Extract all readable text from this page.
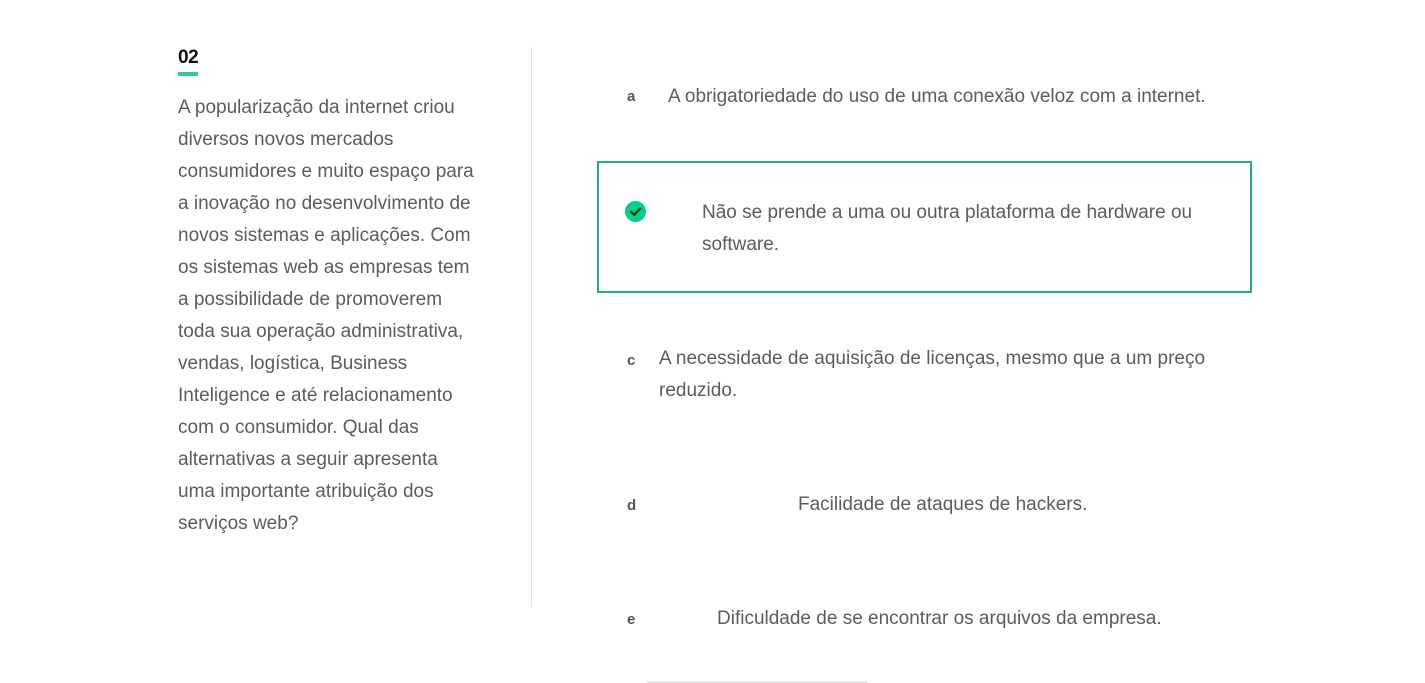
02
A popularização da internet criou diversos novos mercados consumidores e muito espaço para a inovação no desenvolvimento de novos sistemas e aplicações. Com os sistemas web as empresas tem a possibilidade de promoverem toda sua operação administrativa, vendas, logística, Business Inteligence e até relacionamento com o consumidor. Qual das alternativas a seguir apresenta uma importante atribuição dos serviços web?
a A obrigatoriedade do uso de uma conexão veloz com a internet.
Não se prende a uma ou outra plataforma de hardware ou software.
c A necessidade de aquisição de licenças, mesmo que a um preço reduzido.
d	Facilidade de ataques de hackers.
e	Dificuldade de se encontrar os arquivos da empresa.
